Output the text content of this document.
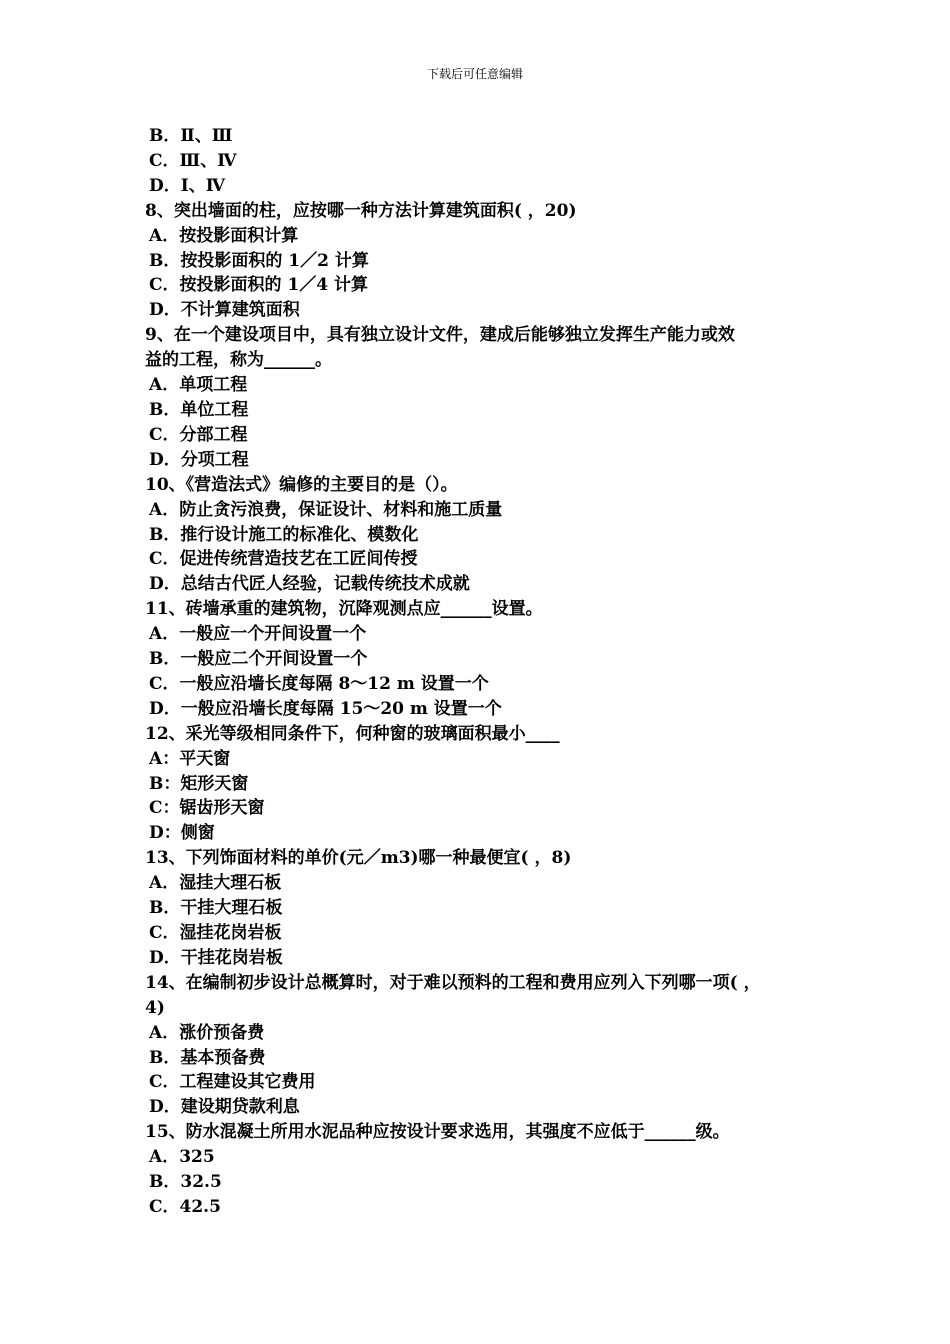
下载后可任意编辑
B．Ⅱ、Ⅲ
C．Ⅲ、Ⅳ
D．Ⅰ、Ⅳ
8、突出墙面的柱，应按哪一种方法计算建筑面积( ，20)
A．按投影面积计算
B．按投影面积的 1／2 计算
C．按投影面积的 1／4 计算
D．不计算建筑面积
9、在一个建设项目中，具有独立设计文件，建成后能够独立发挥生产能力或效
益的工程，称为______。
A．单项工程
B．单位工程
C．分部工程
D．分项工程
10、《营造法式》编修的主要目的是（）。
A．防止贪污浪费，保证设计、材料和施工质量
B．推行设计施工的标准化、模数化
C．促进传统营造技艺在工匠间传授
D．总结古代匠人经验，记载传统技术成就
11、砖墙承重的建筑物，沉降观测点应______设置。
A．一般应一个开间设置一个
B．一般应二个开间设置一个
C．一般应沿墙长度每隔 8～12 m 设置一个
D．一般应沿墙长度每隔 15～20 m 设置一个
12、采光等级相同条件下，何种窗的玻璃面积最小____
A：平天窗
B：矩形天窗
C：锯齿形天窗
D：侧窗
13、下列饰面材料的单价(元／m3)哪一种最便宜( ，8)
A．湿挂大理石板
B．干挂大理石板
C．湿挂花岗岩板
D．干挂花岗岩板
14、在编制初步设计总概算时，对于难以预料的工程和费用应列入下列哪一项( ，
4)
A．涨价预备费
B．基本预备费
C．工程建设其它费用
D．建设期贷款利息
15、防水混凝土所用水泥品种应按设计要求选用，其强度不应低于______级。
A．325
B．32.5
C．42.5
